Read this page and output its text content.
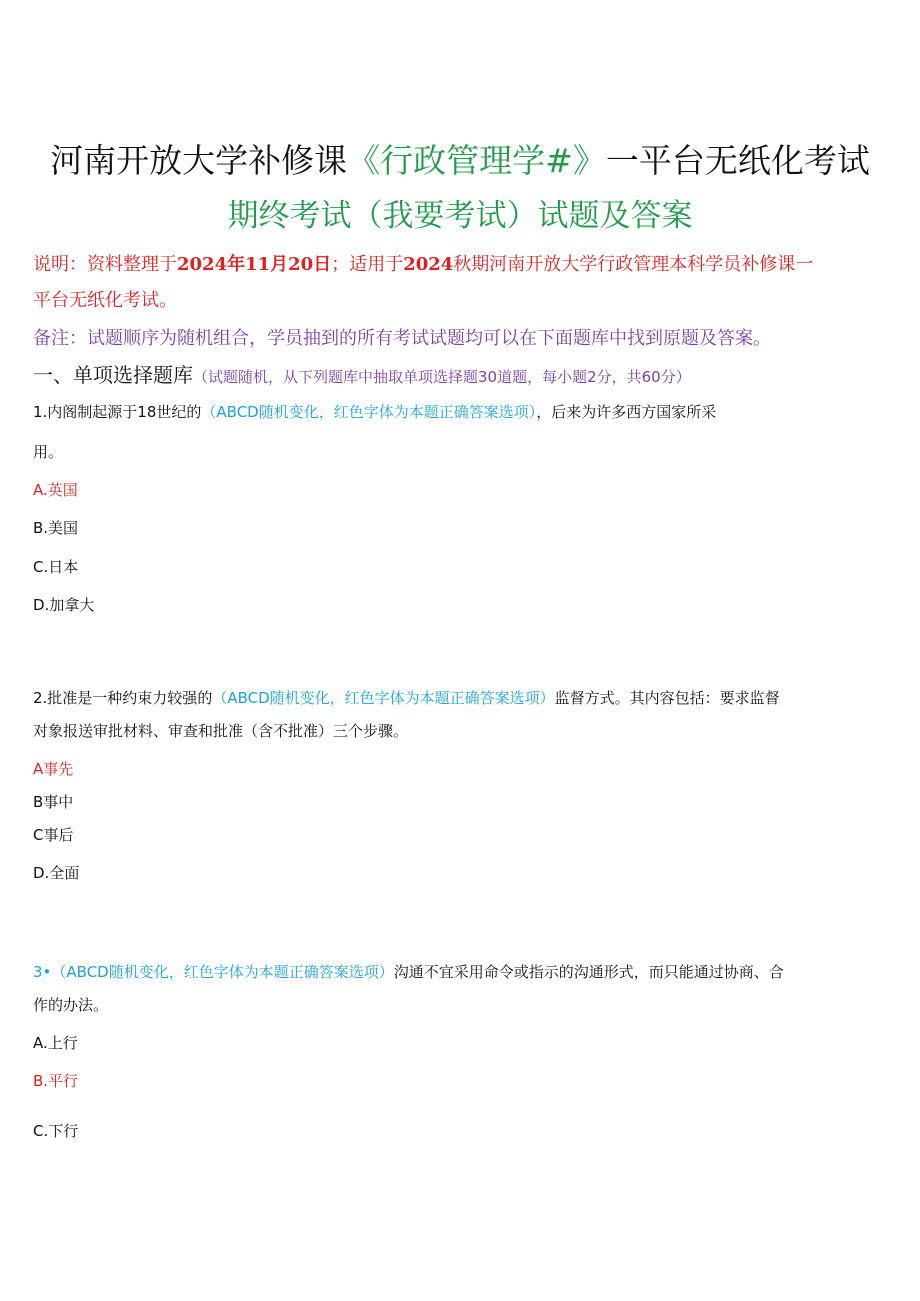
河南开放大学补修课《行政管理学#》一平台无纸化考试
期终考试（我要考试）试题及答案
说明：资料整理于2024年11月20日；适用于2024秋期河南开放大学行政管理本科学员补修课一
平台无纸化考试。
备注：试题顺序为随机组合，学员抽到的所有考试试题均可以在下面题库中找到原题及答案。
一、单项选择题库（试题随机，从下列题库中抽取单项选择题30道题，每小题2分，共60分）
1.内阁制起源于18世纪的（ABCD随机变化，红色字体为本题正确答案选项），后来为许多西方国家所采
用。
A.英国
B.美国
C.日本
D.加拿大
2.批准是一种约束力较强的（ABCD随机变化，红色字体为本题正确答案选项）监督方式。其内容包括：要求监督
对象报送审批材料、审查和批准（含不批准）三个步骤。
A事先
B事中
C事后
D.全面
3•（ABCD随机变化，红色字体为本题正确答案选项）沟通不宜采用命令或指示的沟通形式，而只能通过协商、合
作的办法。
A.上行
B.平行
C.下行
